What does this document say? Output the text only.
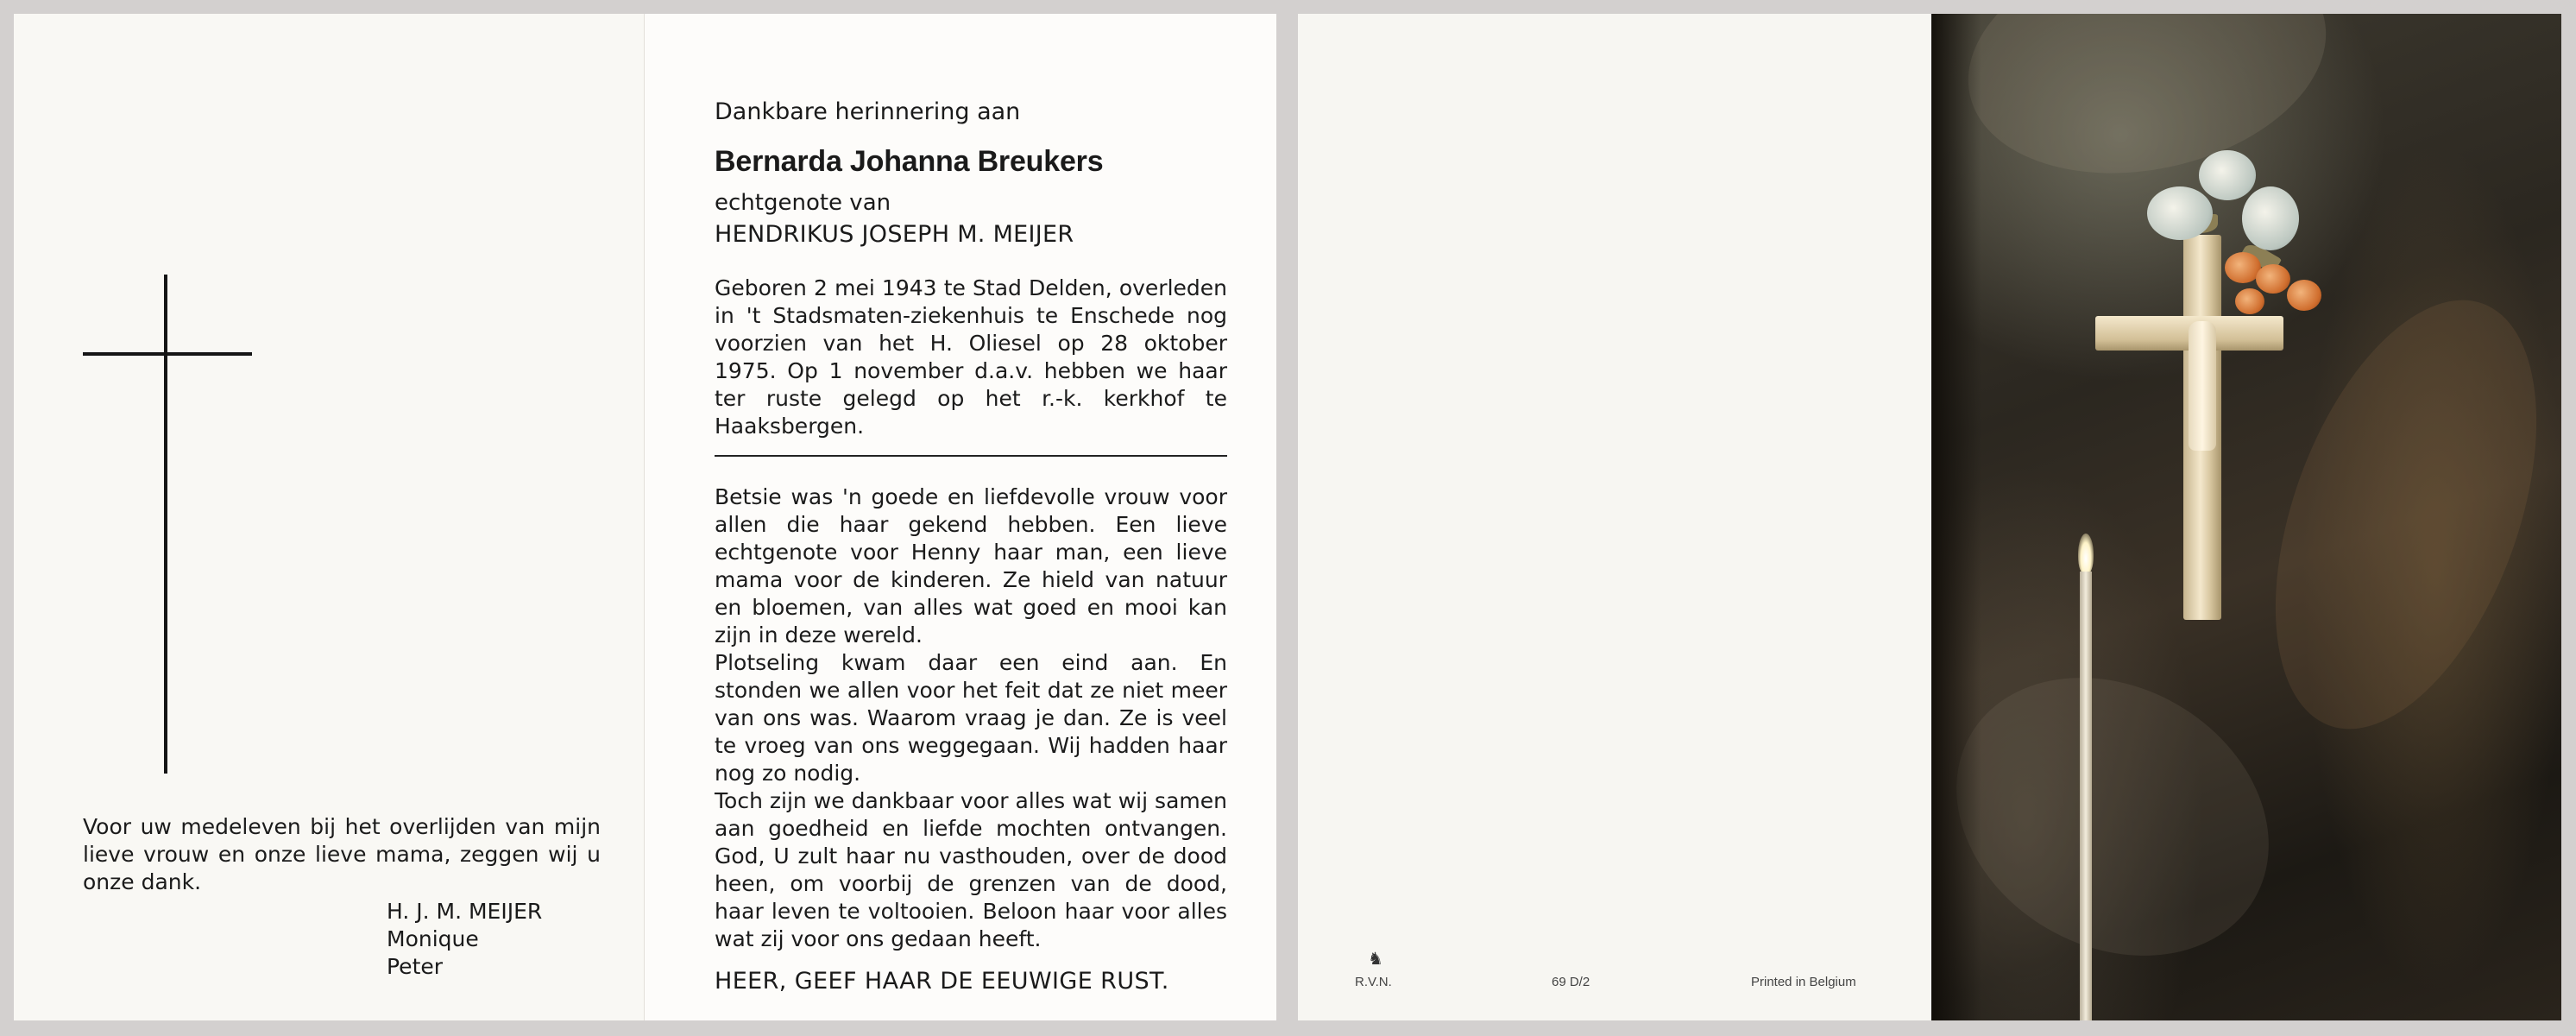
Voor uw medeleven bij het overlijden van mijn lieve vrouw en onze lieve mama, zeggen wij u onze dank.
H. J. M. MEIJER
Monique
Peter
Dankbare herinnering aan
Bernarda Johanna Breukers
echtgenote van
HENDRIKUS JOSEPH M. MEIJER
Geboren 2 mei 1943 te Stad Delden, overleden in 't Stadsmaten-ziekenhuis te Enschede nog voorzien van het H. Oliesel op 28 oktober 1975. Op 1 november d.a.v. hebben we haar ter ruste gelegd op het r.-k. kerkhof te Haaksbergen.

Betsie was 'n goede en liefdevolle vrouw voor allen die haar gekend hebben. Een lieve echtgenote voor Henny haar man, een lieve mama voor de kinderen. Ze hield van natuur en bloemen, van alles wat goed en mooi kan zijn in deze wereld.

Plotseling kwam daar een eind aan. En stonden we allen voor het feit dat ze niet meer van ons was. Waarom vraag je dan. Ze is veel te vroeg van ons weggegaan. Wij hadden haar nog zo nodig.

Toch zijn we dankbaar voor alles wat wij samen aan goedheid en liefde mochten ontvangen. God, U zult haar nu vasthouden, over de dood heen, om voorbij de grenzen van de dood, haar leven te voltooien. Beloon haar voor alles wat zij voor ons gedaan heeft.

HEER, GEEF HAAR DE EEUWIGE RUST.
♞
R.V.N.	69 D/2	Printed in Belgium
